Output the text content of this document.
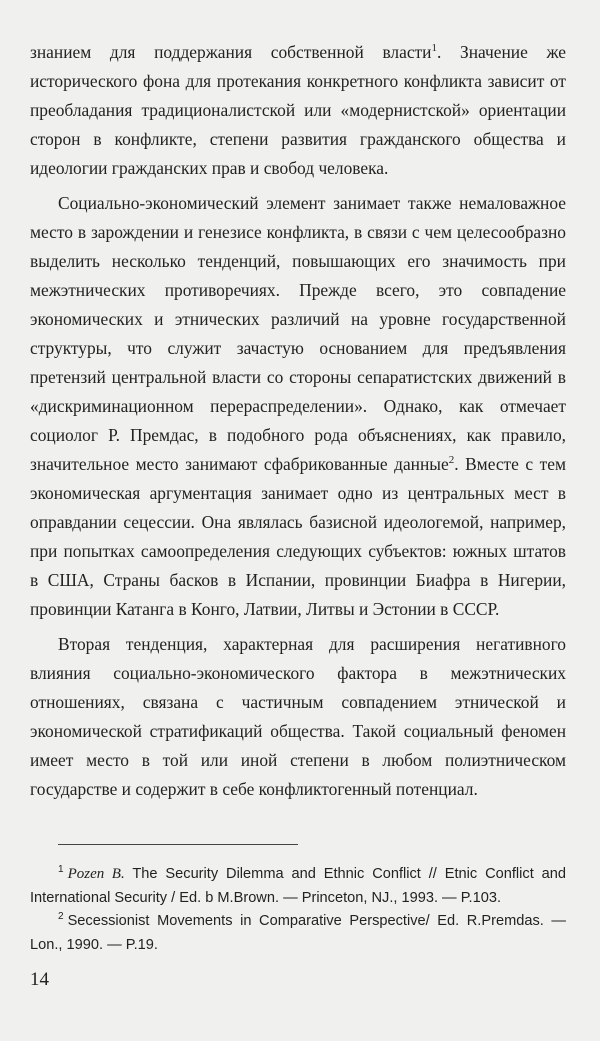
знанием для поддержания собственной власти$^1$. Значение же исторического фона для протекания конкретного конфликта зависит от преобладания традиционалистской или «модернистской» ориентации сторон в конфликте, степени развития гражданского общества и идеологии гражданских прав и свобод человека.

Социально-экономический элемент занимает также немаловажное место в зарождении и генезисе конфликта, в связи с чем целесообразно выделить несколько тенденций, повышающих его значимость при межэтнических противоречиях. Прежде всего, это совпадение экономических и этнических различий на уровне государственной структуры, что служит зачастую основанием для предъявления претензий центральной власти со стороны сепаратистских движений в «дискриминационном перераспределении». Однако, как отмечает социолог Р. Премдас, в подобного рода объяснениях, как правило, значительное место занимают сфабрикованные данные$^2$. Вместе с тем экономическая аргументация занимает одно из центральных мест в оправдании сецессии. Она являлась базисной идеологемой, например, при попытках самоопределения следующих субъектов: южных штатов в США, Страны басков в Испании, провинции Биафра в Нигерии, провинции Катанга в Конго, Латвии, Литвы и Эстонии в СССР.

Вторая тенденция, характерная для расширения негативного влияния социально-экономического фактора в межэтнических отношениях, связана с частичным совпадением этнической и экономической стратификаций общества. Такой социальный феномен имеет место в той или иной степени в любом полиэтническом государстве и содержит в себе конфликтогенный потенциал.

$^1$ Pozen B. The Security Dilemma and Ethnic Conflict // Etnic Conflict and International Security / Ed. b M.Brown. — Princeton, NJ., 1993. — P.103.

$^2$ Secessionist Movements in Comparative Perspective/ Ed. R.Premdas. — Lon., 1990. — P.19.

14
